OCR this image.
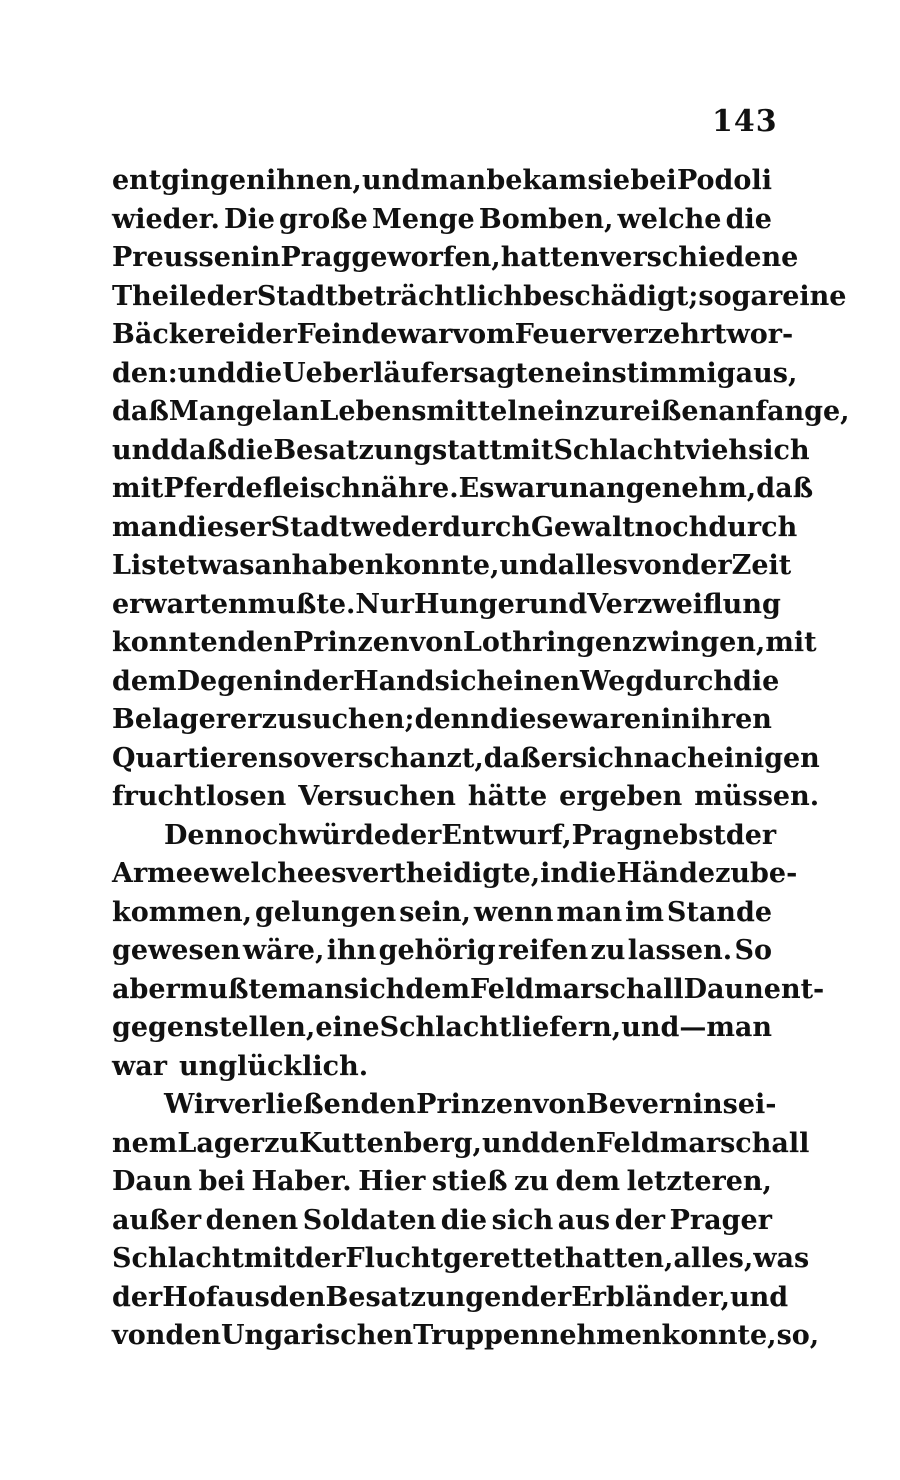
143
entgingen ihnen, und man bekam sie bei Podoli
wieder. Die große Menge Bomben, welche die
Preussen in Prag geworfen, hatten verschiedene
Theile der Stadt beträchtlich beschädigt; sogar eine
Bäckerei der Feinde war vom Feuer verzehrt wor-
den: und die Ueberläufer sagten einstimmig aus,
daß Mangel an Lebensmitteln einzureißen anfange,
und daß die Besatzung statt mit Schlachtvieh sich
mit Pferdefleisch nähre. Es war unangenehm, daß
man dieser Stadt weder durch Gewalt noch durch
List etwas anhaben konnte, und alles von der Zeit
erwarten mußte. Nur Hunger und Verzweiflung
konnten den Prinzen von Lothringen zwingen, mit
dem Degen in der Hand sich einen Weg durch die
Belagerer zu suchen; denn diese waren in ihren
Quartieren so verschanzt, daß er sich nach einigen
fruchtlosen Versuchen hätte ergeben müssen.
Dennoch würde der Entwurf, Prag nebst der
Armee welche es vertheidigte, in die Hände zu be-
kommen, gelungen sein, wenn man im Stande
gewesen wäre, ihn gehörig reifen zu lassen. So
aber mußte man sich dem Feldmarschall Daun ent-
gegen stellen, eine Schlacht liefern, und — man
war unglücklich.
Wir verließen den Prinzen von Bevern in sei-
nem Lager zu Kuttenberg, und den Feldmarschall
Daun bei Haber. Hier stieß zu dem letzteren,
außer denen Soldaten die sich aus der Prager
Schlacht mit der Flucht gerettet hatten, alles, was
der Hof aus den Besatzungen der Erbländer, und
von den Ungarischen Truppen nehmen konnte, so,
